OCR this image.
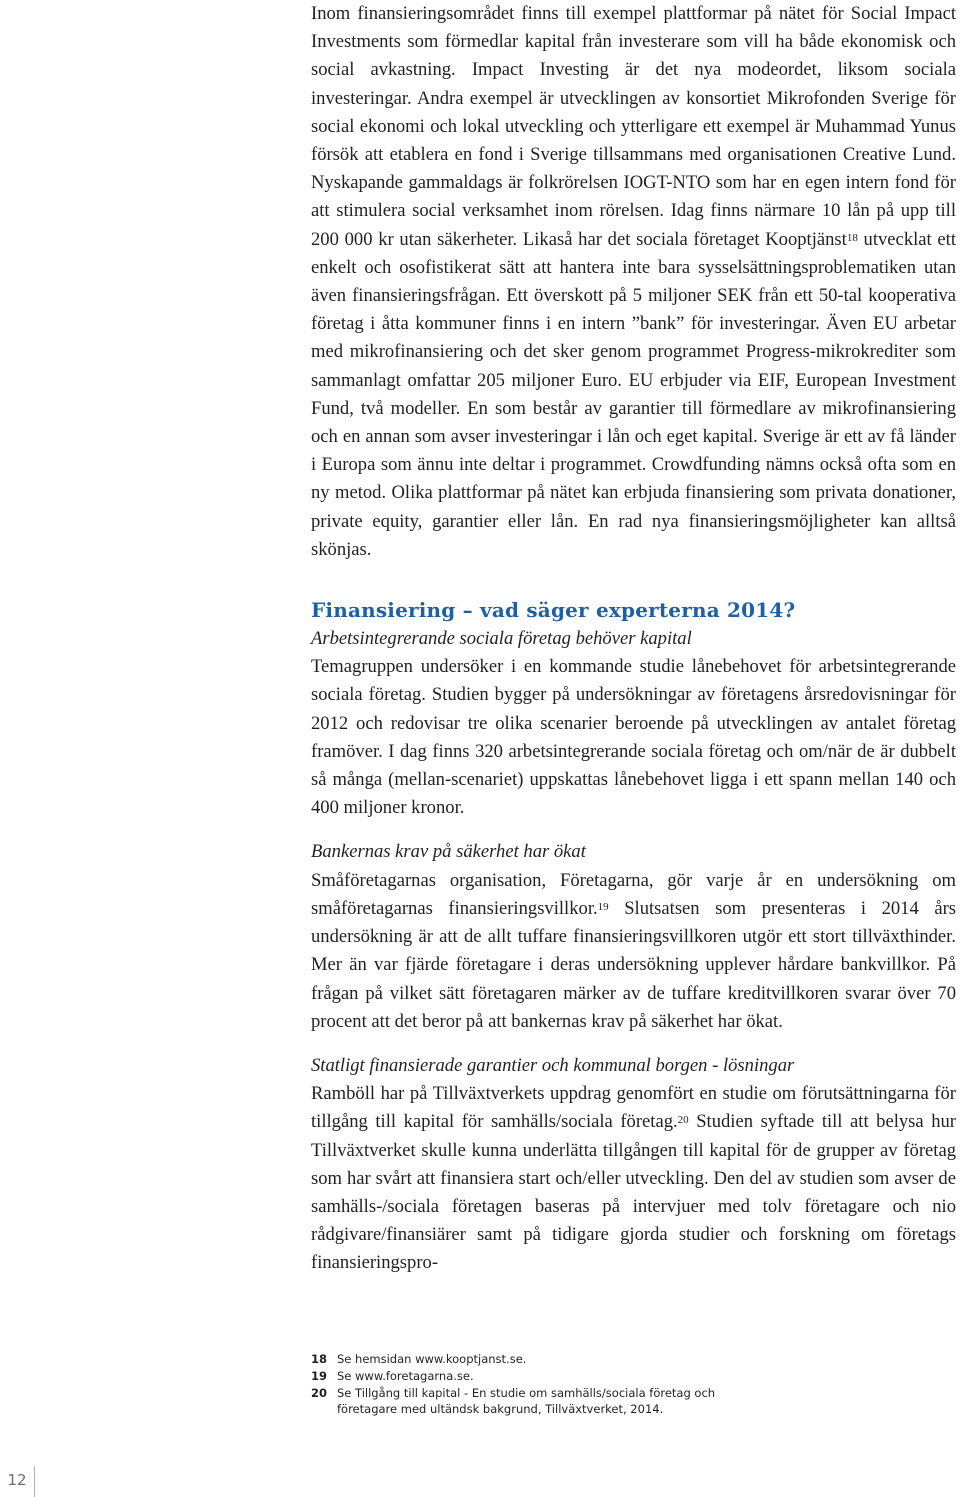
Inom finansieringsområdet finns till exempel plattformar på nätet för Social Impact Investments som förmedlar kapital från investerare som vill ha både ekonomisk och social avkastning. Impact Investing är det nya modeordet, liksom sociala investeringar. Andra exempel är utvecklingen av konsortiet Mikrofonden Sverige för social ekonomi och lokal utveckling och ytterligare ett exempel är Muhammad Yunus försök att etablera en fond i Sverige tillsammans med organisationen Creative Lund. Nyskapande gammaldags är folkrörelsen IOGT-NTO som har en egen intern fond för att stimulera social verksamhet inom rörelsen. Idag finns närmare 10 lån på upp till 200 000 kr utan säkerheter. Likaså har det sociala företaget Kooptjänst$^{18}$ utvecklat ett enkelt och osofistikerat sätt att hantera inte bara sysselsättningsproblematiken utan även finansieringsfrågan. Ett överskott på 5 miljoner SEK från ett 50-tal kooperativa företag i åtta kommuner finns i en intern ”bank” för investeringar. Även EU arbetar med mikrofinansiering och det sker genom programmet Progress-mikrokrediter som sammanlagt omfattar 205 miljoner Euro. EU erbjuder via EIF, European Investment Fund, två modeller. En som består av garantier till förmedlare av mikrofinansiering och en annan som avser investeringar i lån och eget kapital. Sverige är ett av få länder i Europa som ännu inte deltar i programmet. Crowdfunding nämns också ofta som en ny metod. Olika plattformar på nätet kan erbjuda finansiering som privata donationer, private equity, garantier eller lån. En rad nya finansieringsmöjligheter kan alltså skönjas.

Finansiering – vad säger experterna 2014?

Arbetsintegrerande sociala företag behöver kapital

Temagruppen undersöker i en kommande studie lånebehovet för arbetsintegrerande sociala företag. Studien bygger på undersökningar av företagens årsredovisningar för 2012 och redovisar tre olika scenarier beroende på utvecklingen av antalet företag framöver. I dag finns 320 arbetsintegrerande sociala företag och om/när de är dubbelt så många (mellan-scenariet) uppskattas lånebehovet ligga i ett spann mellan 140 och 400 miljoner kronor.

Bankernas krav på säkerhet har ökat

Småföretagarnas organisation, Företagarna, gör varje år en undersökning om småföretagarnas finansieringsvillkor.$^{19}$ Slutsatsen som presenteras i 2014 års undersökning är att de allt tuffare finansieringsvillkoren utgör ett stort tillväxthinder. Mer än var fjärde företagare i deras undersökning upplever hårdare bankvillkor. På frågan på vilket sätt företagaren märker av de tuffare kreditvillkoren svarar över 70 procent att det beror på att bankernas krav på säkerhet har ökat.

Statligt finansierade garantier och kommunal borgen - lösningar

Ramböll har på Tillväxtverkets uppdrag genomfört en studie om förutsättningarna för tillgång till kapital för samhälls/sociala företag.$^{20}$ Studien syftade till att belysa hur Tillväxtverket skulle kunna underlätta tillgången till kapital för de grupper av företag som har svårt att finansiera start och/eller utveckling. Den del av studien som avser de samhälls-/sociala företagen baseras på intervjuer med tolv företagare och nio rådgivare/finansiärer samt på tidigare gjorda studier och forskning om företags finansieringspro-

18 Se hemsidan www.kooptjanst.se.

19 Se www.foretagarna.se.

20 Se Tillgång till kapital - En studie om samhälls/sociala företag och företagare med ultändsk bakgrund, Tillväxtverket, 2014.

12
